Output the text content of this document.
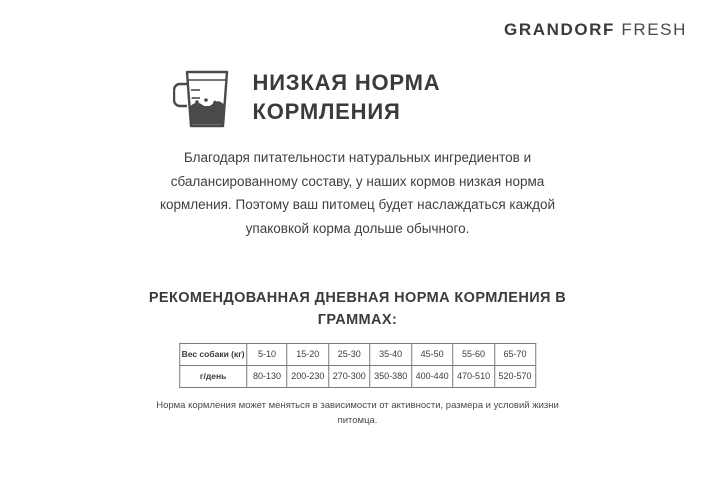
GRANDORF FRESH
НИЗКАЯ НОРМА КОРМЛЕНИЯ
Благодаря питательности натуральных ингредиентов и сбалансированному составу, у наших кормов низкая норма кормления. Поэтому ваш питомец будет наслаждаться каждой упаковкой корма дольше обычного.
РЕКОМЕНДОВАННАЯ ДНЕВНАЯ НОРМА КОРМЛЕНИЯ В ГРАММАХ:
Вес собаки (кг)	5-10	15-20	25-30	35-40	45-50	55-60	65-70
г/день	80-130	200-230	270-300	350-380	400-440	470-510	520-570
Норма кормления может меняться в зависимости от активности, размера и условий жизни питомца.
